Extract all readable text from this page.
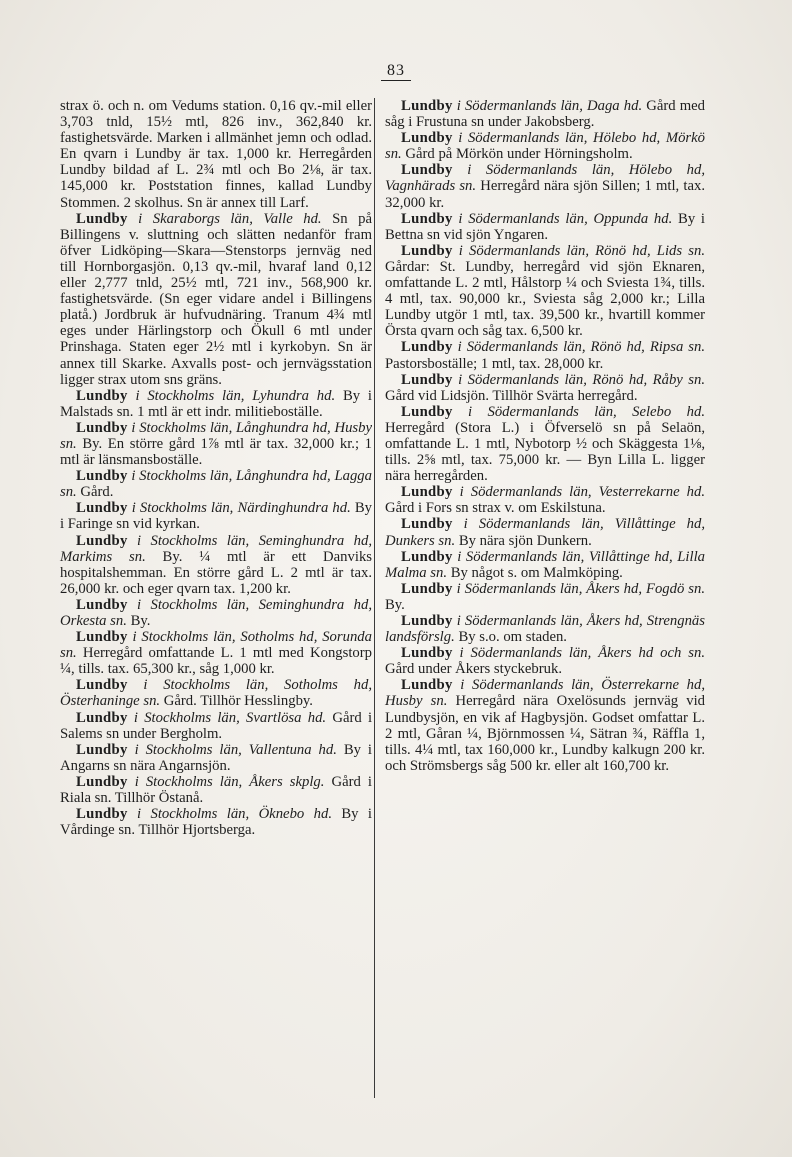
83

strax ö. och n. om Vedums station. 0,16 qv.-mil eller 3,703 tnld, 15½ mtl, 826 inv., 362,840 kr. fastighetsvärde. Marken i allmänhet jemn och odlad. En qvarn i Lundby är tax. 1,000 kr. Herregården Lundby bildad af L. 2¾ mtl och Bo 2⅛, är tax. 145,000 kr. Poststation finnes, kallad Lundby Stommen. 2 skolhus. Sn är annex till Larf.

Lundby i Skaraborgs län, Valle hd. Sn på Billingens v. sluttning och slätten nedanför fram öfver Lidköping—Skara—Stenstorps jernväg ned till Hornborgasjön. 0,13 qv.-mil, hvaraf land 0,12 eller 2,777 tnld, 25½ mtl, 721 inv., 568,900 kr. fastighetsvärde. (Sn eger vidare andel i Billingens platå.) Jordbruk är hufvudnäring. Tranum 4¾ mtl eges under Härlingstorp och Ökull 6 mtl under Prinshaga. Staten eger 2½ mtl i kyrkobyn. Sn är annex till Skarke. Axvalls post- och jernvägsstation ligger strax utom sns gräns.

Lundby i Stockholms län, Lyhundra hd. By i Malstads sn. 1 mtl är ett indr. militieboställe.

Lundby i Stockholms län, Långhundra hd, Husby sn. By. En större gård 1⅞ mtl är tax. 32,000 kr.; 1 mtl är länsmansboställe.

Lundby i Stockholms län, Långhundra hd, Lagga sn. Gård.

Lundby i Stockholms län, Närdinghundra hd. By i Faringe sn vid kyrkan.

Lundby i Stockholms län, Seminghundra hd, Markims sn. By. ¼ mtl är ett Danviks hospitalshemman. En större gård L. 2 mtl är tax. 26,000 kr. och eger qvarn tax. 1,200 kr.

Lundby i Stockholms län, Seminghundra hd, Orkesta sn. By.

Lundby i Stockholms län, Sotholms hd, Sorunda sn. Herregård omfattande L. 1 mtl med Kongstorp ¼, tills. tax. 65,300 kr., såg 1,000 kr.

Lundby i Stockholms län, Sotholms hd, Österhaninge sn. Gård. Tillhör Hesslingby.

Lundby i Stockholms län, Svartlösa hd. Gård i Salems sn under Bergholm.

Lundby i Stockholms län, Vallentuna hd. By i Angarns sn nära Angarnsjön.

Lundby i Stockholms län, Åkers skplg. Gård i Riala sn. Tillhör Östanå.

Lundby i Stockholms län, Öknebo hd. By i Vårdinge sn. Tillhör Hjortsberga.

Lundby i Södermanlands län, Daga hd. Gård med såg i Frustuna sn under Jakobsberg.

Lundby i Södermanlands län, Hölebo hd, Mörkö sn. Gård på Mörkön under Hörningsholm.

Lundby i Södermanlands län, Hölebo hd, Vagnhärads sn. Herregård nära sjön Sillen; 1 mtl, tax. 32,000 kr.

Lundby i Södermanlands län, Oppunda hd. By i Bettna sn vid sjön Yngaren.

Lundby i Södermanlands län, Rönö hd, Lids sn. Gårdar: St. Lundby, herregård vid sjön Eknaren, omfattande L. 2 mtl, Hålstorp ¼ och Sviesta 1¾, tills. 4 mtl, tax. 90,000 kr., Sviesta såg 2,000 kr.; Lilla Lundby utgör 1 mtl, tax. 39,500 kr., hvartill kommer Örsta qvarn och såg tax. 6,500 kr.

Lundby i Södermanlands län, Rönö hd, Ripsa sn. Pastorsboställe; 1 mtl, tax. 28,000 kr.

Lundby i Södermanlands län, Rönö hd, Råby sn. Gård vid Lidsjön. Tillhör Svärta herregård.

Lundby i Södermanlands län, Selebo hd. Herregård (Stora L.) i Öfverselö sn på Selaön, omfattande L. 1 mtl, Nybotorp ½ och Skäggesta 1⅛, tills. 2⅝ mtl, tax. 75,000 kr. — Byn Lilla L. ligger nära herregården.

Lundby i Södermanlands län, Vesterrekarne hd. Gård i Fors sn strax v. om Eskilstuna.

Lundby i Södermanlands län, Villåttinge hd, Dunkers sn. By nära sjön Dunkern.

Lundby i Södermanlands län, Villåttinge hd, Lilla Malma sn. By något s. om Malmköping.

Lundby i Södermanlands län, Åkers hd, Fogdö sn. By.

Lundby i Södermanlands län, Åkers hd, Strengnäs landsförslg. By s.o. om staden.

Lundby i Södermanlands län, Åkers hd och sn. Gård under Åkers styckebruk.

Lundby i Södermanlands län, Österrekarne hd, Husby sn. Herregård nära Oxelösunds jernväg vid Lundbysjön, en vik af Hagbysjön. Godset omfattar L. 2 mtl, Gåran ¼, Björnmossen ¼, Sätran ¾, Räffla 1, tills. 4¼ mtl, tax 160,000 kr., Lundby kalkugn 200 kr. och Strömsbergs såg 500 kr. eller alt 160,700 kr.
